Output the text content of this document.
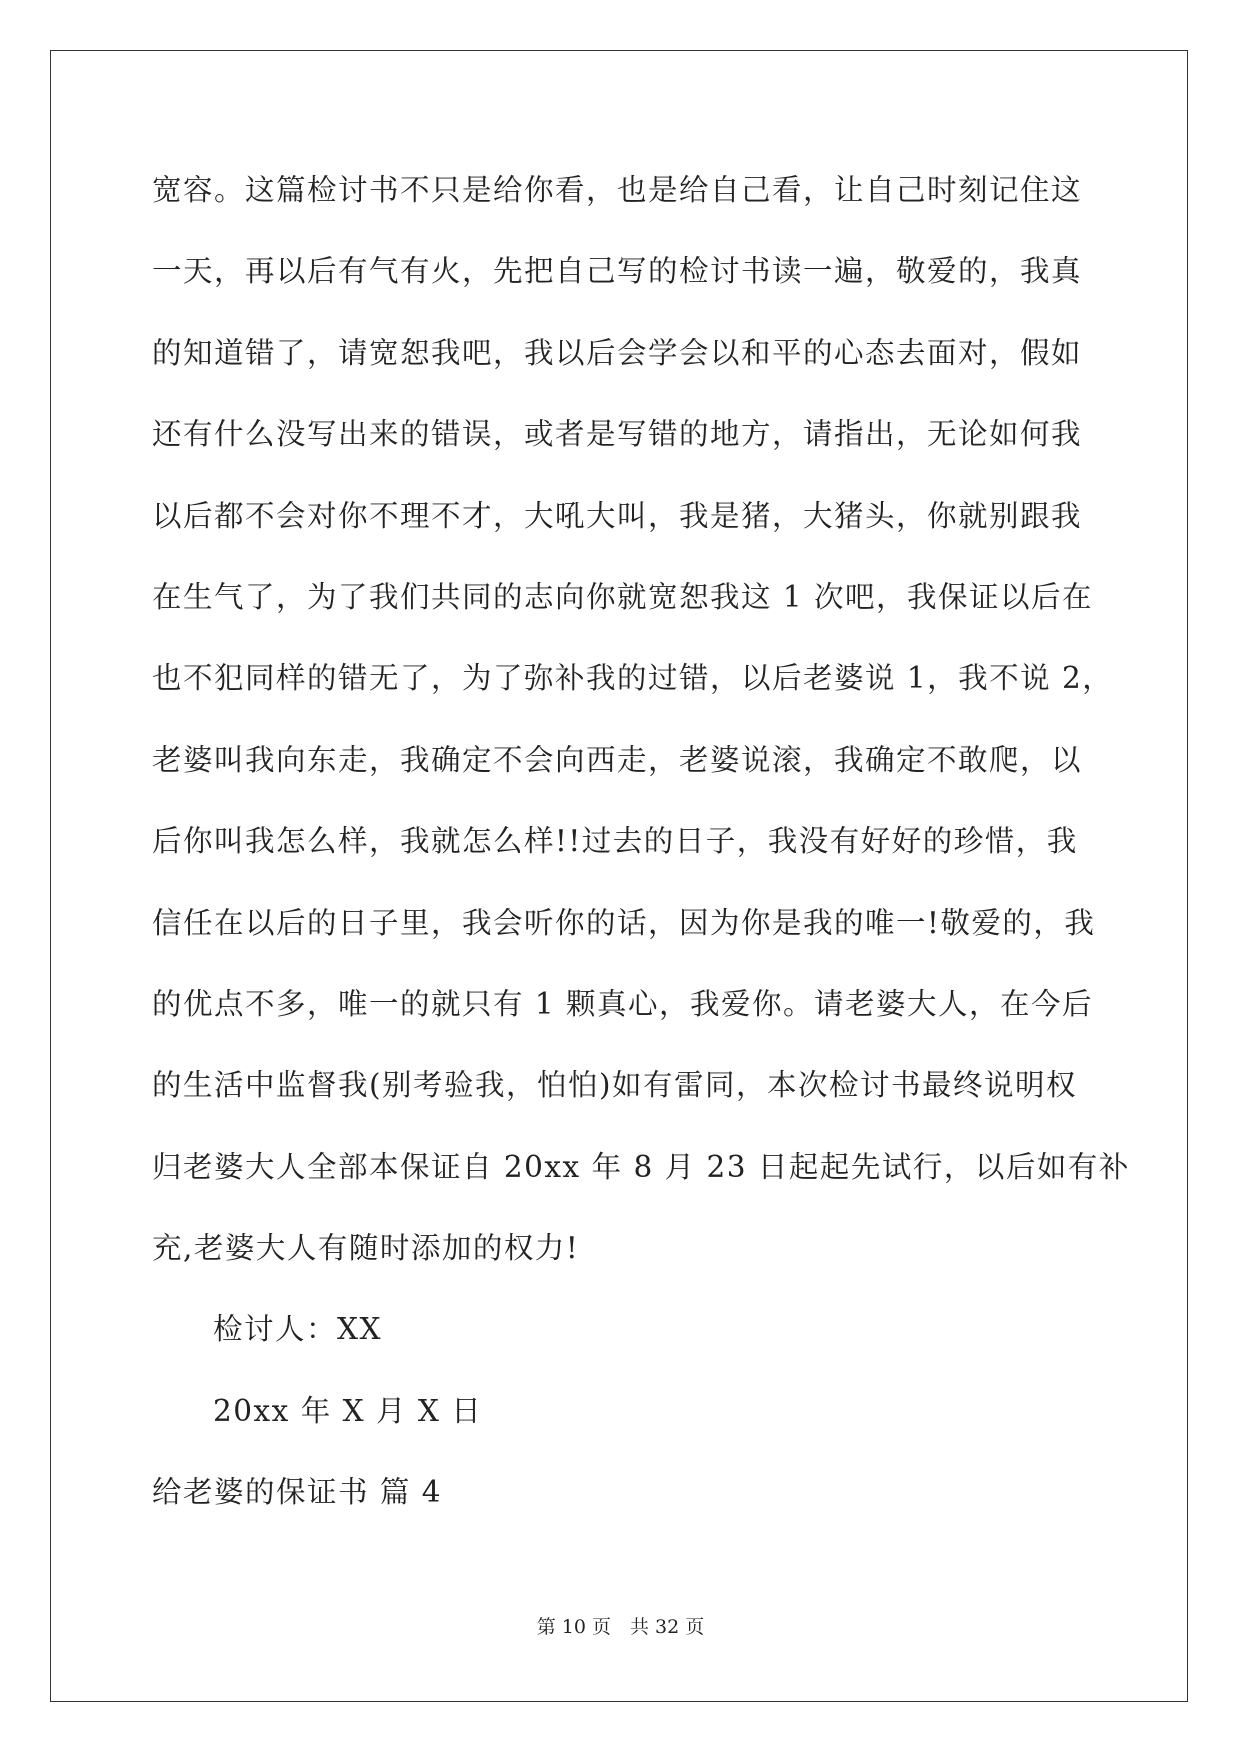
宽容。这篇检讨书不只是给你看，也是给自己看，让自己时刻记住这
一天，再以后有气有火，先把自己写的检讨书读一遍，敬爱的，我真
的知道错了，请宽恕我吧，我以后会学会以和平的心态去面对，假如
还有什么没写出来的错误，或者是写错的地方，请指出，无论如何我
以后都不会对你不理不才，大吼大叫，我是猪，大猪头，你就别跟我
在生气了，为了我们共同的志向你就宽恕我这 1 次吧，我保证以后在
也不犯同样的错无了，为了弥补我的过错，以后老婆说 1，我不说 2，
老婆叫我向东走，我确定不会向西走，老婆说滚，我确定不敢爬，以
后你叫我怎么样，我就怎么样!!过去的日子，我没有好好的珍惜，我
信任在以后的日子里，我会听你的话，因为你是我的唯一!敬爱的，我
的优点不多，唯一的就只有 1 颗真心，我爱你。请老婆大人，在今后
的生活中监督我(别考验我，怕怕)如有雷同，本次检讨书最终说明权
归老婆大人全部本保证自 20xx 年 8 月 23 日起起先试行，以后如有补
充,老婆大人有随时添加的权力!
检讨人：XX
20xx 年 X 月 X 日
给老婆的保证书 篇 4
第 10 页　共 32 页
